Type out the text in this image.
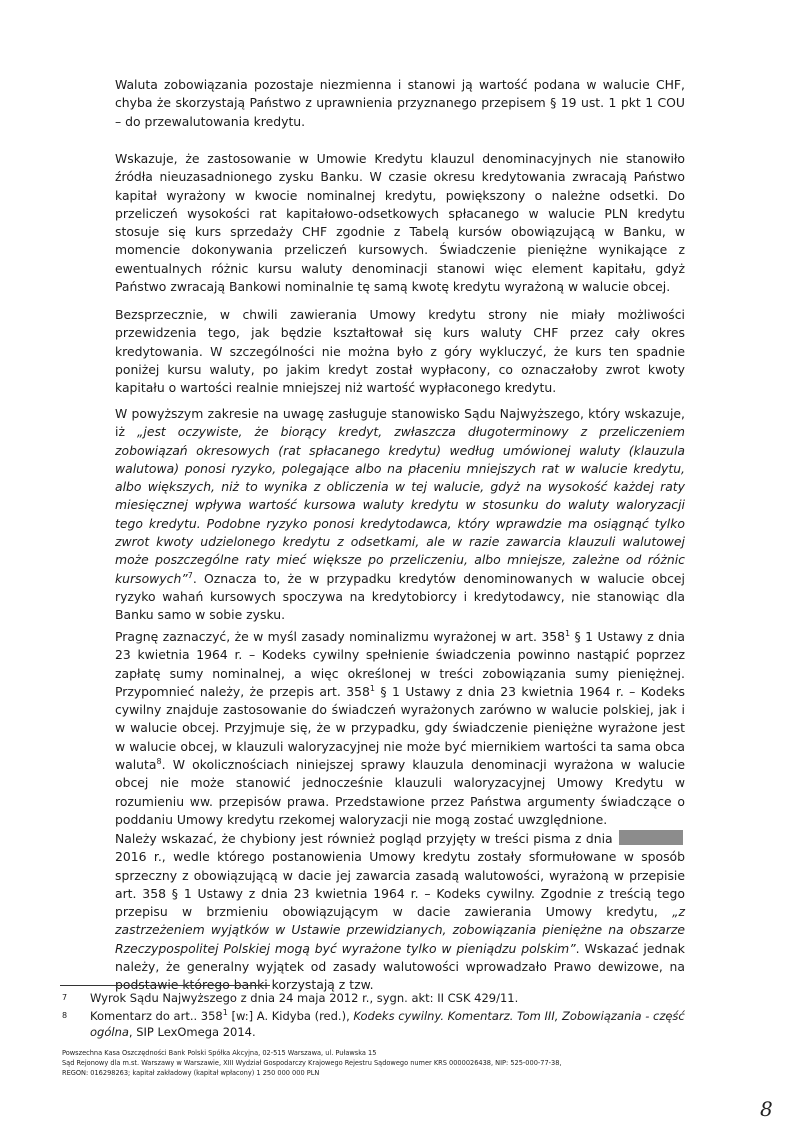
Waluta zobowiązania pozostaje niezmienna i stanowi ją wartość podana w walucie CHF, chyba że skorzystają Państwo z uprawnienia przyznanego przepisem § 19 ust. 1 pkt 1 COU – do przewalutowania kredytu.

Wskazuje, że zastosowanie w Umowie Kredytu klauzul denominacyjnych nie stanowiło źródła nieuzasadnionego zysku Banku. W czasie okresu kredytowania zwracają Państwo kapitał wyrażony w kwocie nominalnej kredytu, powiększony o należne odsetki. Do przeliczeń wysokości rat kapitałowo-odsetkowych spłacanego w walucie PLN kredytu stosuje się kurs sprzedaży CHF zgodnie z Tabelą kursów obowiązującą w Banku, w momencie dokonywania przeliczeń kursowych. Świadczenie pieniężne wynikające z ewentualnych różnic kursu waluty denominacji stanowi więc element kapitału, gdyż Państwo zwracają Bankowi nominalnie tę samą kwotę kredytu wyrażoną w walucie obcej.

Bezsprzecznie, w chwili zawierania Umowy kredytu strony nie miały możliwości przewidzenia tego, jak będzie kształtował się kurs waluty CHF przez cały okres kredytowania. W szczególności nie można było z góry wykluczyć, że kurs ten spadnie poniżej kursu waluty, po jakim kredyt został wypłacony, co oznaczałoby zwrot kwoty kapitału o wartości realnie mniejszej niż wartość wypłaconego kredytu.

W powyższym zakresie na uwagę zasługuje stanowisko Sądu Najwyższego, który wskazuje, iż „jest oczywiste, że biorący kredyt, zwłaszcza długoterminowy z przeliczeniem zobowiązań okresowych (rat spłacanego kredytu) według umówionej waluty (klauzula walutowa) ponosi ryzyko, polegające albo na płaceniu mniejszych rat w walucie kredytu, albo większych, niż to wynika z obliczenia w tej walucie, gdyż na wysokość każdej raty miesięcznej wpływa wartość kursowa waluty kredytu w stosunku do waluty waloryzacji tego kredytu. Podobne ryzyko ponosi kredytodawca, który wprawdzie ma osiągnąć tylko zwrot kwoty udzielonego kredytu z odsetkami, ale w razie zawarcia klauzuli walutowej może poszczególne raty mieć większe po przeliczeniu, albo mniejsze, zależne od różnic kursowych”$^7$. Oznacza to, że w przypadku kredytów denominowanych w walucie obcej ryzyko wahań kursowych spoczywa na kredytobiorcy i kredytodawcy, nie stanowiąc dla Banku samo w sobie zysku.

Pragnę zaznaczyć, że w myśl zasady nominalizmu wyrażonej w art. $358^1$ § 1 Ustawy z dnia 23 kwietnia 1964 r. – Kodeks cywilny spełnienie świadczenia powinno nastąpić poprzez zapłatę sumy nominalnej, a więc określonej w treści zobowiązania sumy pieniężnej. Przypomnieć należy, że przepis art. $358^1$ § 1 Ustawy z dnia 23 kwietnia 1964 r. – Kodeks cywilny znajduje zastosowanie do świadczeń wyrażonych zarówno w walucie polskiej, jak i w walucie obcej. Przyjmuje się, że w przypadku, gdy świadczenie pieniężne wyrażone jest w walucie obcej, w klauzuli waloryzacyjnej nie może być miernikiem wartości ta sama obca waluta$^8$. W okolicznościach niniejszej sprawy klauzula denominacji wyrażona w walucie obcej nie może stanowić jednocześnie klauzuli waloryzacyjnej Umowy Kredytu w rozumieniu ww. przepisów prawa. Przedstawione przez Państwa argumenty świadczące o poddaniu Umowy kredytu rzekomej waloryzacji nie mogą zostać uwzględnione.

Należy wskazać, że chybiony jest również pogląd przyjęty w treści pisma z dnia 2016 r., wedle którego postanowienia Umowy kredytu zostały sformułowane w sposób sprzeczny z obowiązującą w dacie jej zawarcia zasadą walutowości, wyrażoną w przepisie art. 358 § 1 Ustawy z dnia 23 kwietnia 1964 r. – Kodeks cywilny. Zgodnie z treścią tego przepisu w brzmieniu obowiązującym w dacie zawierania Umowy kredytu, „z zastrzeżeniem wyjątków w Ustawie przewidzianych, zobowiązania pieniężne na obszarze Rzeczypospolitej Polskiej mogą być wyrażone tylko w pieniądzu polskim”. Wskazać jednak należy, że generalny wyjątek od zasady walutowości wprowadzało Prawo dewizowe, na podstawie którego banki korzystają z tzw.

7 Wyrok Sądu Najwyższego z dnia 24 maja 2012 r., sygn. akt: II CSK 429/11.
8 Komentarz do art.. $358^1$ [w:] A. Kidyba (red.), Kodeks cywilny. Komentarz. Tom III, Zobowiązania - część ogólna, SIP LexOmega 2014.
Powszechna Kasa Oszczędności Bank Polski Spółka Akcyjna, 02-515 Warszawa, ul. Puławska 15
Sąd Rejonowy dla m.st. Warszawy w Warszawie, XIII Wydział Gospodarczy Krajowego Rejestru Sądowego numer KRS 0000026438, NIP: 525-000-77-38,
REGON: 016298263; kapitał zakładowy (kapitał wpłacony) 1 250 000 000 PLN
8
